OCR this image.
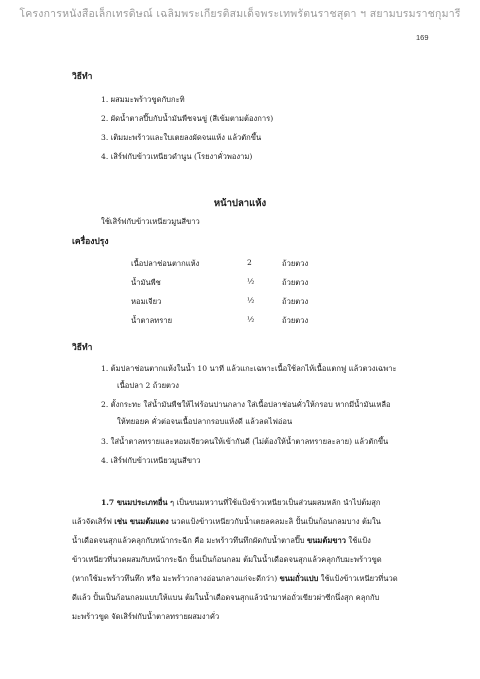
โครงการหนังสือเล็กเทรดิษณ์ เฉลิมพระเกียรติสมเด็จพระเทพรัตนราชสุดา ฯ สยามบรมราชกุมารี
169
วิธีทำ
1. ผสมมะพร้าวขูดกับกะทิ
2. ผัดน้ำตาลปี๊บกับน้ำมันพืชจนขู่ (สีเข้มตามต้องการ)
3. เติมมะพร้าวและใบเตยลงผัดจนแห้ง แล้วตักขึ้น
4. เสิร์ฟกับข้าวเหนียวดำนูน (โรยงาคั่วพองาม)
หน้าปลาแห้ง
ใช้เสิร์ฟกับข้าวเหนียวมูนสีขาว
เครื่องปรุง
เนื้อปลาช่อนตากแห้ง	2	ถ้วยตวง
น้ำมันพืช	½	ถ้วยตวง
หอมเจียว	½	ถ้วยตวง
น้ำตาลทราย	½	ถ้วยตวง
วิธีทำ
1. ต้มปลาช่อนตากแห้งในน้ำ 10 นาที แล้วแกะเฉพาะเนื้อใช้ลกไห้เนื้อแตกฟู แล้วตวงเฉพาะ
เนื้อปลา 2 ถ้วยตวง
2. ตั้งกระทะ ใส่น้ำมันพืชให้ไฟร้อนปานกลาง ใส่เนื้อปลาช่อนคั่วให้กรอบ หากมีน้ำมันเหลือ
ให้ทยอยค คั่วต่อจนเนื้อปลากรอบแห้งดี แล้วลดไฟอ่อน
3. ใส่น้ำตาลทรายและหอมเจียวคนให้เข้ากันดี (ไม่ต้องให้น้ำตาลทรายละลาย) แล้วตักขึ้น
4. เสิร์ฟกับข้าวเหนียวมูนสีขาว
1.7 ขนมประเภทอื่น ๆ เป็นขนมหวานที่ใช้แป้งข้าวเหนียวเป็นส่วนผสมหลัก นำไปต้มสุก
แล้วจัดเสิร์ฟ เช่น ขนมต้มแดง นวดแป้งข้าวเหนียวกับน้ำเตยลคลมะลิ ปั้นเป็นก้อนกลมบาง ต้มใน
น้ำเดือดจนสุกแล้วคลุกกับหน้ากระฉีก คือ มะพร้าวทึนทึกผัดกับน้ำตาลปี๊บ ขนมต้มขาว ใช้แป้ง
ข้าวเหนียวที่นวดผสมกับหน้ากระฉีก ปั้นเป็นก้อนกลม ต้มในน้ำเดือดจนสุกแล้วคลุกกับมะพร้าวขูด
(หากใช้มะพร้าวทึนทึก หรือ มะพร้าวกลางอ่อนกลางแก่จะดีกว่า) ขนมถั่วแปบ ใช้แป้งข้าวเหนียวที่นวด
ดีแล้ว ปั้นเป็นก้อนกลมแบบให้แบน ต้มในน้ำเดือดจนสุกแล้วนำมาห่อถั่วเขียวผ่าซีกนึ่งสุก คลุกกับ
มะพร้าวขูด จัดเสิร์ฟกับน้ำตาลทรายผสมงาคั่ว
